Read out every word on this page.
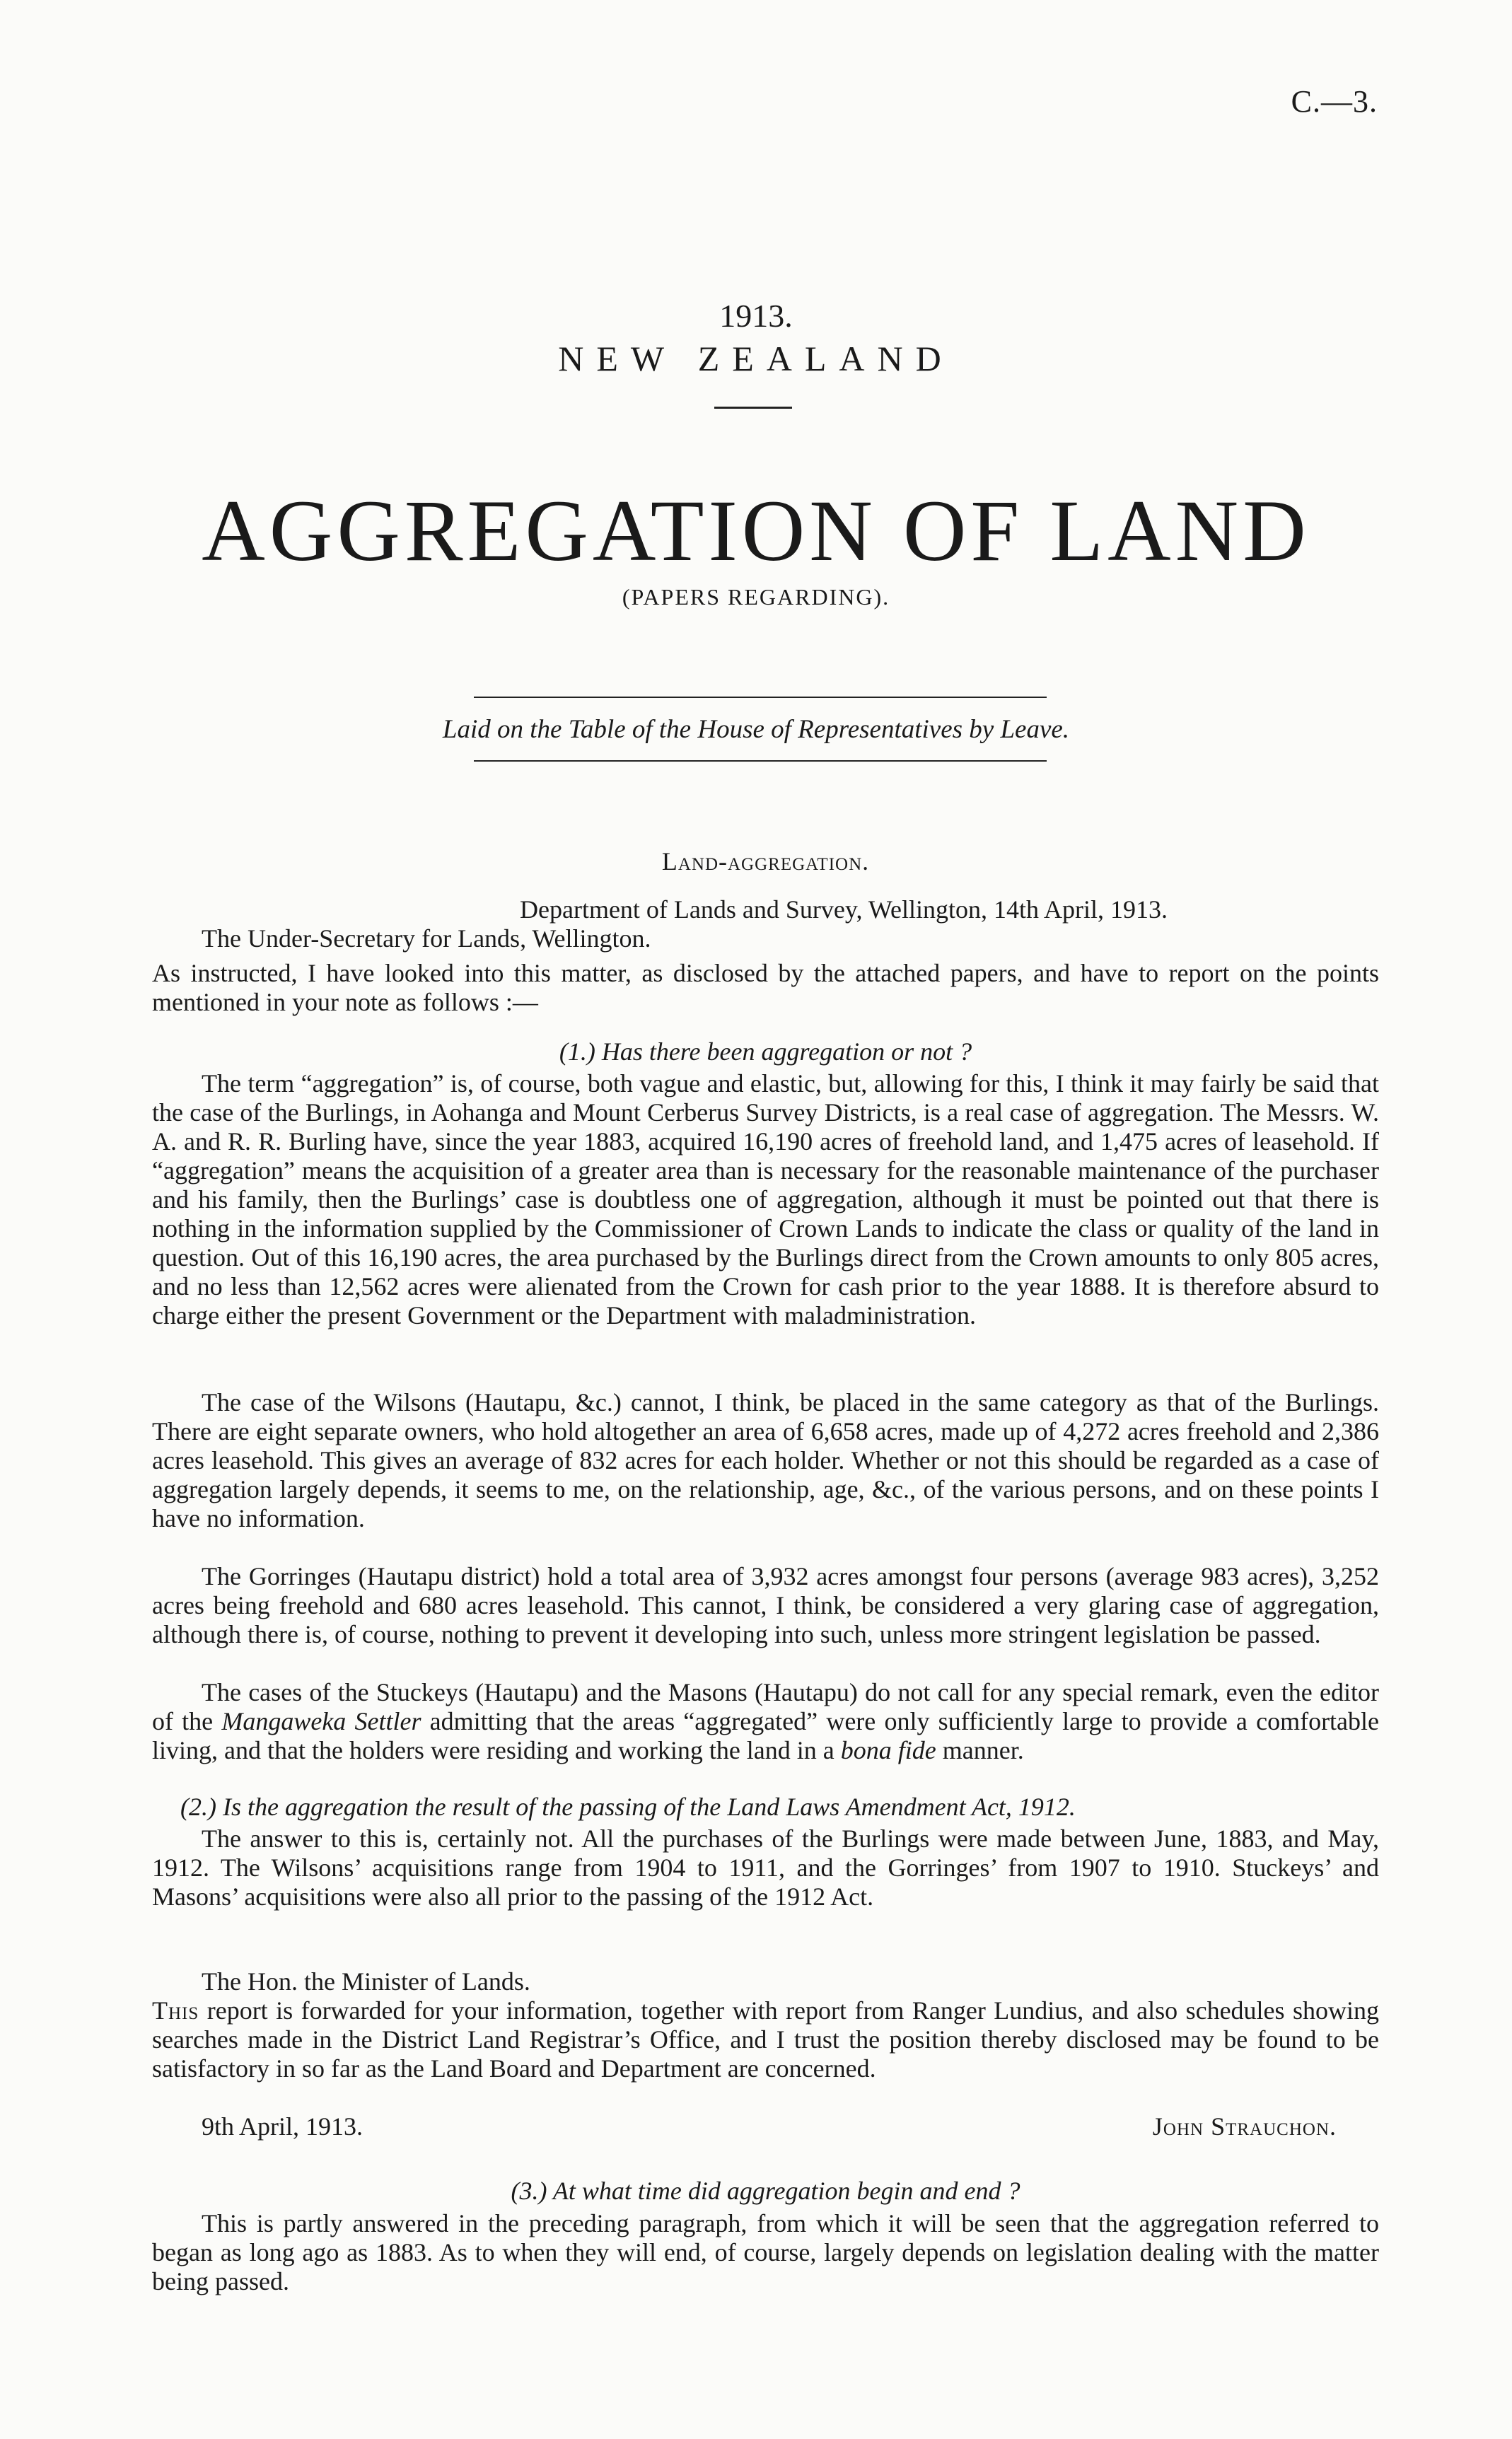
C.—3.
1913.
NEW ZEALAND
AGGREGATION OF LAND
(PAPERS REGARDING).
Laid on the Table of the House of Representatives by Leave.
Land-aggregation.
Department of Lands and Survey, Wellington, 14th April, 1913.
The Under-Secretary for Lands, Wellington.
As instructed, I have looked into this matter, as disclosed by the attached papers, and have to report on the points mentioned in your note as follows :—
(1.) Has there been aggregation or not ?
The term “aggregation” is, of course, both vague and elastic, but, allowing for this, I think it may fairly be said that the case of the Burlings, in Aohanga and Mount Cerberus Survey Districts, is a real case of aggregation. The Messrs. W. A. and R. R. Burling have, since the year 1883, acquired 16,190 acres of freehold land, and 1,475 acres of leasehold. If “aggregation” means the acquisition of a greater area than is necessary for the reasonable maintenance of the purchaser and his family, then the Burlings’ case is doubtless one of aggregation, although it must be pointed out that there is nothing in the information supplied by the Commissioner of Crown Lands to indicate the class or quality of the land in question. Out of this 16,190 acres, the area purchased by the Burlings direct from the Crown amounts to only 805 acres, and no less than 12,562 acres were alienated from the Crown for cash prior to the year 1888. It is therefore absurd to charge either the present Government or the Department with maladministration.
The case of the Wilsons (Hautapu, &c.) cannot, I think, be placed in the same category as that of the Burlings. There are eight separate owners, who hold altogether an area of 6,658 acres, made up of 4,272 acres freehold and 2,386 acres leasehold. This gives an average of 832 acres for each holder. Whether or not this should be regarded as a case of aggregation largely depends, it seems to me, on the relationship, age, &c., of the various persons, and on these points I have no information.
The Gorringes (Hautapu district) hold a total area of 3,932 acres amongst four persons (average 983 acres), 3,252 acres being freehold and 680 acres leasehold. This cannot, I think, be considered a very glaring case of aggregation, although there is, of course, nothing to prevent it developing into such, unless more stringent legislation be passed.
The cases of the Stuckeys (Hautapu) and the Masons (Hautapu) do not call for any special remark, even the editor of the Mangaweka Settler admitting that the areas “aggregated” were only sufficiently large to provide a comfortable living, and that the holders were residing and working the land in a bona fide manner.
(2.) Is the aggregation the result of the passing of the Land Laws Amendment Act, 1912.
The answer to this is, certainly not. All the purchases of the Burlings were made between June, 1883, and May, 1912. The Wilsons’ acquisitions range from 1904 to 1911, and the Gorringes’ from 1907 to 1910. Stuckeys’ and Masons’ acquisitions were also all prior to the passing of the 1912 Act.
The Hon. the Minister of Lands.
This report is forwarded for your information, together with report from Ranger Lundius, and also schedules showing searches made in the District Land Registrar’s Office, and I trust the position thereby disclosed may be found to be satisfactory in so far as the Land Board and Department are concerned.
9th April, 1913.	John Strauchon.
(3.) At what time did aggregation begin and end ?
This is partly answered in the preceding paragraph, from which it will be seen that the aggregation referred to began as long ago as 1883. As to when they will end, of course, largely depends on legislation dealing with the matter being passed.
